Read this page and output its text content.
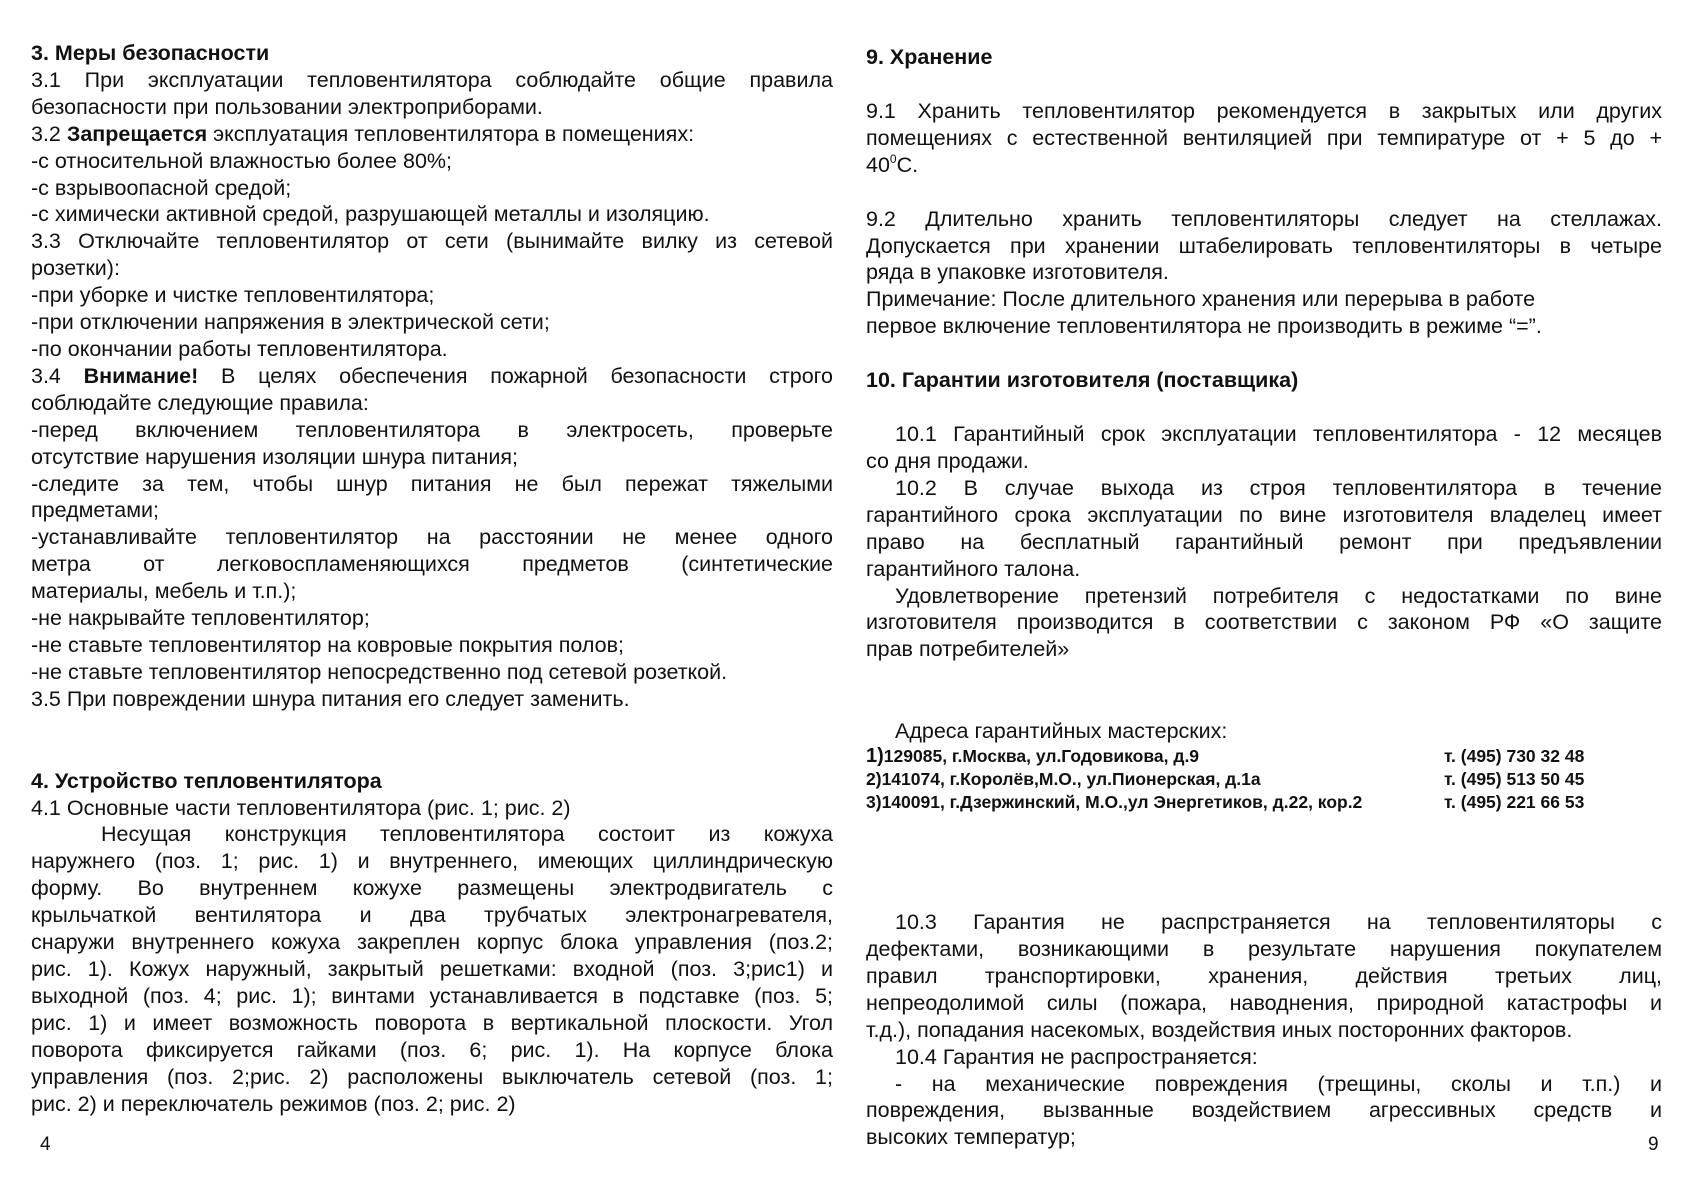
3. Меры безопасности

3.1 При эксплуатации тепловентилятора соблюдайте общие правила

безопасности при пользовании электроприборами.

3.2 Запрещается эксплуатация тепловентилятора в помещениях:

-с относительной влажностью более 80%;

-с взрывоопасной средой;

-с химически активной средой, разрушающей металлы и изоляцию.

3.3 Отключайте тепловентилятор от сети (вынимайте вилку из сетевой

розетки):

-при уборке и чистке тепловентилятора;

-при отключении напряжения в электрической сети;

-по окончании работы тепловентилятора.

3.4 Внимание! В целях обеспечения пожарной безопасности строго

соблюдайте следующие правила:

-перед включением тепловентилятора в электросеть, проверьте

отсутствие нарушения изоляции шнура питания;

-следите за тем, чтобы шнур питания не был пережат тяжелыми

предметами;

-устанавливайте тепловентилятор на расстоянии не менее одного

метра от легковоспламеняющихся предметов (синтетические

материалы, мебель и т.п.);

-не накрывайте тепловентилятор;

-не ставьте тепловентилятор на ковровые покрытия полов;

-не ставьте тепловентилятор непосредственно под сетевой розеткой.

3.5 При повреждении шнура питания его следует заменить.

4. Устройство тепловентилятора

4.1 Основные части тепловентилятора (рис. 1; рис. 2)

Несущая конструкция тепловентилятора состоит из кожуха

наружнего (поз. 1; рис. 1) и внутреннего, имеющих циллиндрическую

форму. Во внутреннем кожухе размещены электродвигатель с

крыльчаткой вентилятора и два трубчатых электронагревателя,

снаружи внутреннего кожуха закреплен корпус блока управления (поз.2;

рис. 1). Кожух наружный, закрытый решетками: входной (поз. 3;рис1) и

выходной (поз. 4; рис. 1); винтами устанавливается в подставке (поз. 5;

рис. 1) и имеет возможность поворота в вертикальной плоскости. Угол

поворота фиксируется гайками (поз. 6; рис. 1). На корпусе блока

управления (поз. 2;рис. 2) расположены выключатель сетевой (поз. 1;

рис. 2) и переключатель режимов (поз. 2; рис. 2)

9. Хранение

9.1 Хранить тепловентилятор рекомендуется в закрытых или других

помещениях с естественной вентиляцией при темпиратуре от + 5 до +

$40^0С$.

9.2 Длительно хранить тепловентиляторы следует на стеллажах.

Допускается при хранении штабелировать тепловентиляторы в четыре

ряда в упаковке изготовителя.

Примечание: После длительного хранения или перерыва в работе

первое включение тепловентилятора не производить в режиме “=”.

10. Гарантии изготовителя (поставщика)

10.1 Гарантийный срок эксплуатации тепловентилятора - 12 месяцев

со дня продажи.

10.2 В случае выхода из строя тепловентилятора в течение

гарантийного срока эксплуатации по вине изготовителя владелец имеет

право на бесплатный гарантийный ремонт при предъявлении

гарантийного талона.

Удовлетворение претензий потребителя с недостатками по вине

изготовителя производится в соответствии с законом РФ «О защите

прав потребителей»

Адреса гарантийных мастерских:

1)129085, г.Москва, ул.Годовикова, д.9	т. (495) 730 32 48
2)141074, г.Королёв,М.О., ул.Пионерская, д.1а	т. (495) 513 50 45
3)140091, г.Дзержинский, М.О.,ул Энергетиков, д.22, кор.2	т. (495) 221 66 53

10.3 Гарантия не распрстраняется на тепловентиляторы с

дефектами, возникающими в результате нарушения покупателем

правил транспортировки, хранения, действия третьих лиц,

непреодолимой силы (пожара, наводнения, природной катастрофы и

т.д.), попадания насекомых, воздействия иных посторонних факторов.

10.4 Гарантия не распространяется:

- на механические повреждения (трещины, сколы и т.п.) и

повреждения, вызванные воздействием агрессивных средств и

высоких температур;

4	9
